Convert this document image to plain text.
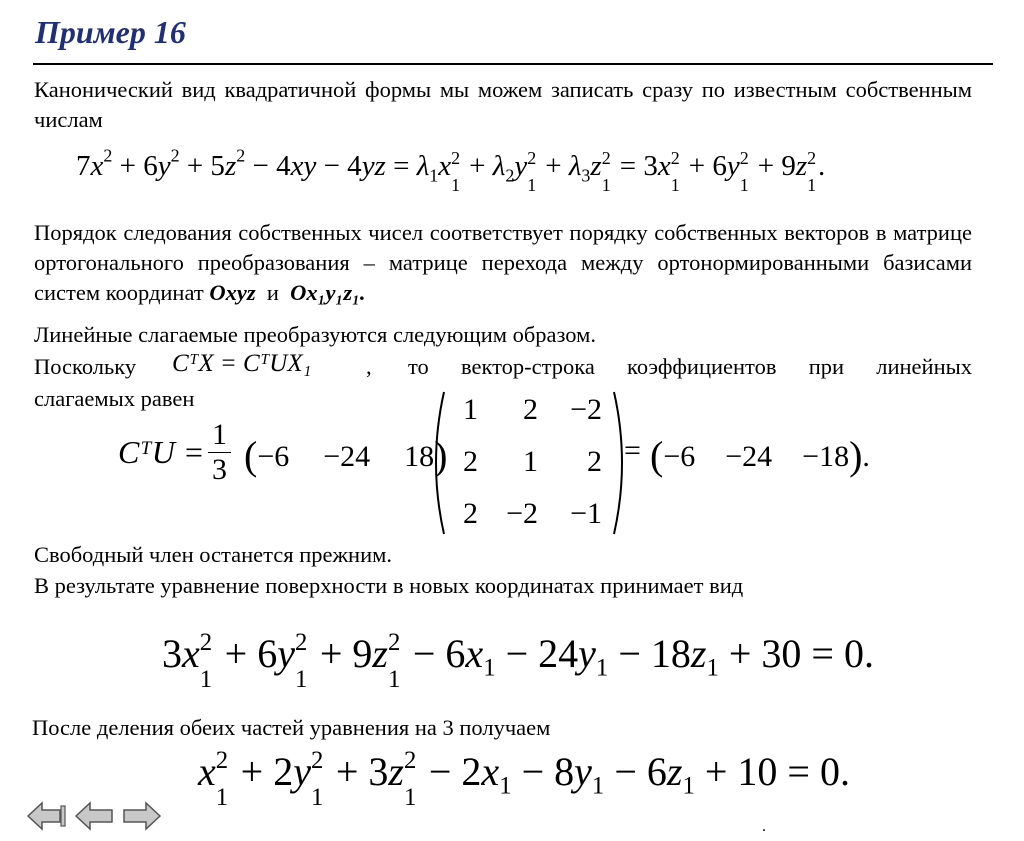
Пример 16
Канонический вид квадратичной формы мы можем записать сразу по известным собственным числам
$7x^2 + 6y^2 + 5z^2 - 4xy - 4yz = \lambda_1x$ 2
1
+ $\lambda_2y$ 2
1
+ $\lambda_3z$ 2
1
= 3x 2
1
+ 6y 2
1
+ 9z 2
1
.
Порядок следования собственных чисел соответствует порядку собственных векторов в матрице ортогонального преобразования – матрице перехода между ортонормированными базисами систем координат Oxyz и Ox₁y₁z₁.
Линейные слагаемые преобразуются следующим образом.
Поскольку	CᵀX = CᵀUX₁ , то вектор-строка коэффициентов при линейных
слагаемых равен
CᵀU = $\frac{1}{3} (-6 -24$ 18)
1	2	−2
2	1	2
2 −2	−1
= (−6 −24 −18).
Свободный член останется прежним.
В результате уравнение поверхности в новых координатах принимает вид
3x 2
1
+ 6y 2
1
+ 9z 2
1
− $6x_1 - 24y_1 - 18z_1 + 30 = 0$.
После деления обеих частей уравнения на 3 получаем
x 2
1
+ 2y 2
1
+ 3z 2
1
− $2x_1 - 8y_1 - 6z_1 + 10 = 0$.
.
